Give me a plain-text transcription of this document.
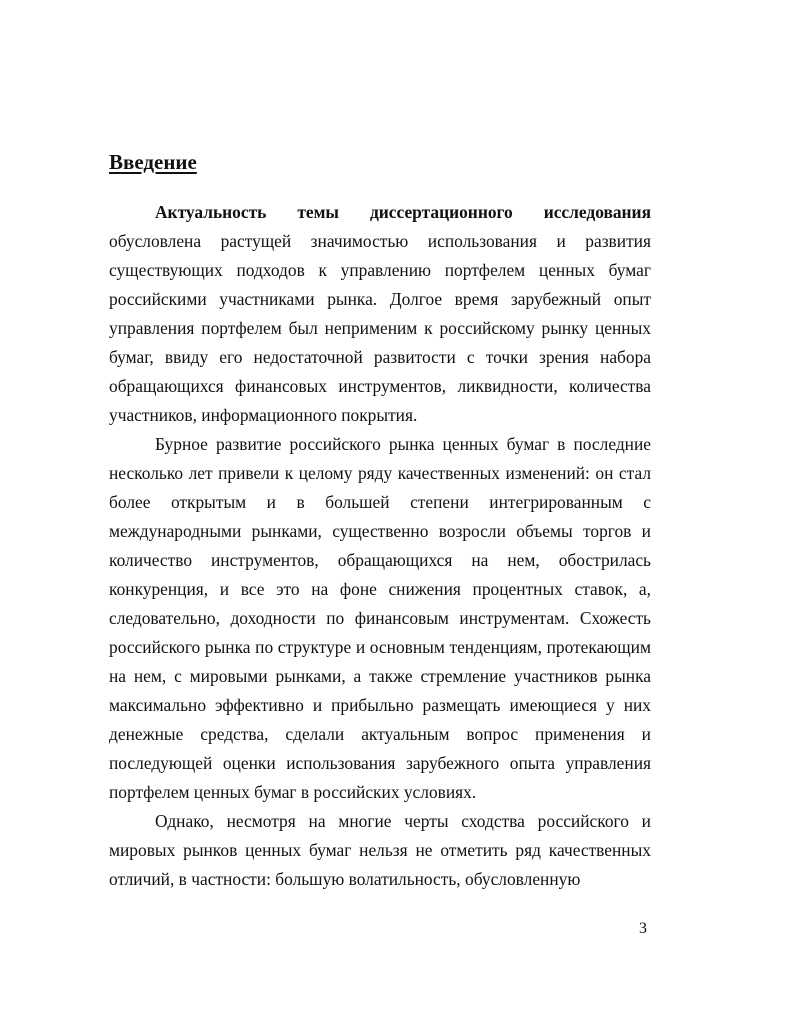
Введение

Актуальность темы диссертационного исследования обусловлена растущей значимостью использования и развития существующих подходов к управлению портфелем ценных бумаг российскими участниками рынка. Долгое время зарубежный опыт управления портфелем был неприменим к российскому рынку ценных бумаг, ввиду его недостаточной развитости с точки зрения набора обращающихся финансовых инструментов, ликвидности, количества участников, информационного покрытия.

Бурное развитие российского рынка ценных бумаг в последние несколько лет привели к целому ряду качественных изменений: он стал более открытым и в большей степени интегрированным с международными рынками, существенно возросли объемы торгов и количество инструментов, обращающихся на нем, обострилась конкуренция, и все это на фоне снижения процентных ставок, а, следовательно, доходности по финансовым инструментам. Схожесть российского рынка по структуре и основным тенденциям, протекающим на нем, с мировыми рынками, а также стремление участников рынка максимально эффективно и прибыльно размещать имеющиеся у них денежные средства, сделали актуальным вопрос применения и последующей оценки использования зарубежного опыта управления портфелем ценных бумаг в российских условиях.

Однако, несмотря на многие черты сходства российского и мировых рынков ценных бумаг нельзя не отметить ряд качественных отличий, в частности: большую волатильность, обусловленную

3
